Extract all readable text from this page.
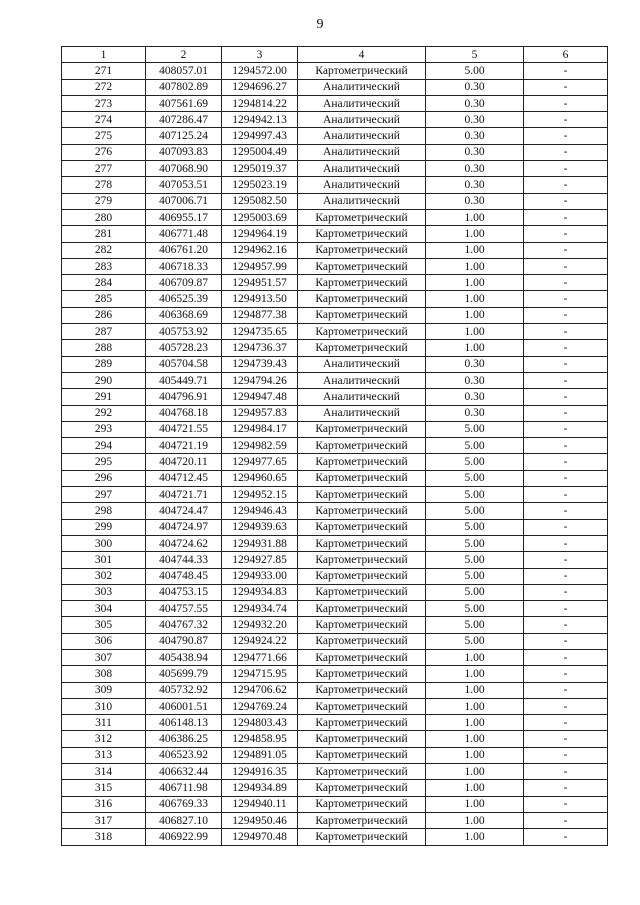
9
1	2	3	4	5	6
271	408057.01	1294572.00	Картометрический	5.00	-
272	407802.89	1294696.27	Аналитический	0.30	-
273	407561.69	1294814.22	Аналитический	0.30	-
274	407286.47	1294942.13	Аналитический	0.30	-
275	407125.24	1294997.43	Аналитический	0.30	-
276	407093.83	1295004.49	Аналитический	0.30	-
277	407068.90	1295019.37	Аналитический	0.30	-
278	407053.51	1295023.19	Аналитический	0.30	-
279	407006.71	1295082.50	Аналитический	0.30	-
280	406955.17	1295003.69	Картометрический	1.00	-
281	406771.48	1294964.19	Картометрический	1.00	-
282	406761.20	1294962.16	Картометрический	1.00	-
283	406718.33	1294957.99	Картометрический	1.00	-
284	406709.87	1294951.57	Картометрический	1.00	-
285	406525.39	1294913.50	Картометрический	1.00	-
286	406368.69	1294877.38	Картометрический	1.00	-
287	405753.92	1294735.65	Картометрический	1.00	-
288	405728.23	1294736.37	Картометрический	1.00	-
289	405704.58	1294739.43	Аналитический	0.30	-
290	405449.71	1294794.26	Аналитический	0.30	-
291	404796.91	1294947.48	Аналитический	0.30	-
292	404768.18	1294957.83	Аналитический	0.30	-
293	404721.55	1294984.17	Картометрический	5.00	-
294	404721.19	1294982.59	Картометрический	5.00	-
295	404720.11	1294977.65	Картометрический	5.00	-
296	404712.45	1294960.65	Картометрический	5.00	-
297	404721.71	1294952.15	Картометрический	5.00	-
298	404724.47	1294946.43	Картометрический	5.00	-
299	404724.97	1294939.63	Картометрический	5.00	-
300	404724.62	1294931.88	Картометрический	5.00	-
301	404744.33	1294927.85	Картометрический	5.00	-
302	404748.45	1294933.00	Картометрический	5.00	-
303	404753.15	1294934.83	Картометрический	5.00	-
304	404757.55	1294934.74	Картометрический	5.00	-
305	404767.32	1294932.20	Картометрический	5.00	-
306	404790.87	1294924.22	Картометрический	5.00	-
307	405438.94	1294771.66	Картометрический	1.00	-
308	405699.79	1294715.95	Картометрический	1.00	-
309	405732.92	1294706.62	Картометрический	1.00	-
310	406001.51	1294769.24	Картометрический	1.00	-
311	406148.13	1294803.43	Картометрический	1.00	-
312	406386.25	1294858.95	Картометрический	1.00	-
313	406523.92	1294891.05	Картометрический	1.00	-
314	406632.44	1294916.35	Картометрический	1.00	-
315	406711.98	1294934.89	Картометрический	1.00	-
316	406769.33	1294940.11	Картометрический	1.00	-
317	406827.10	1294950.46	Картометрический	1.00	-
318	406922.99	1294970.48	Картометрический	1.00	-
